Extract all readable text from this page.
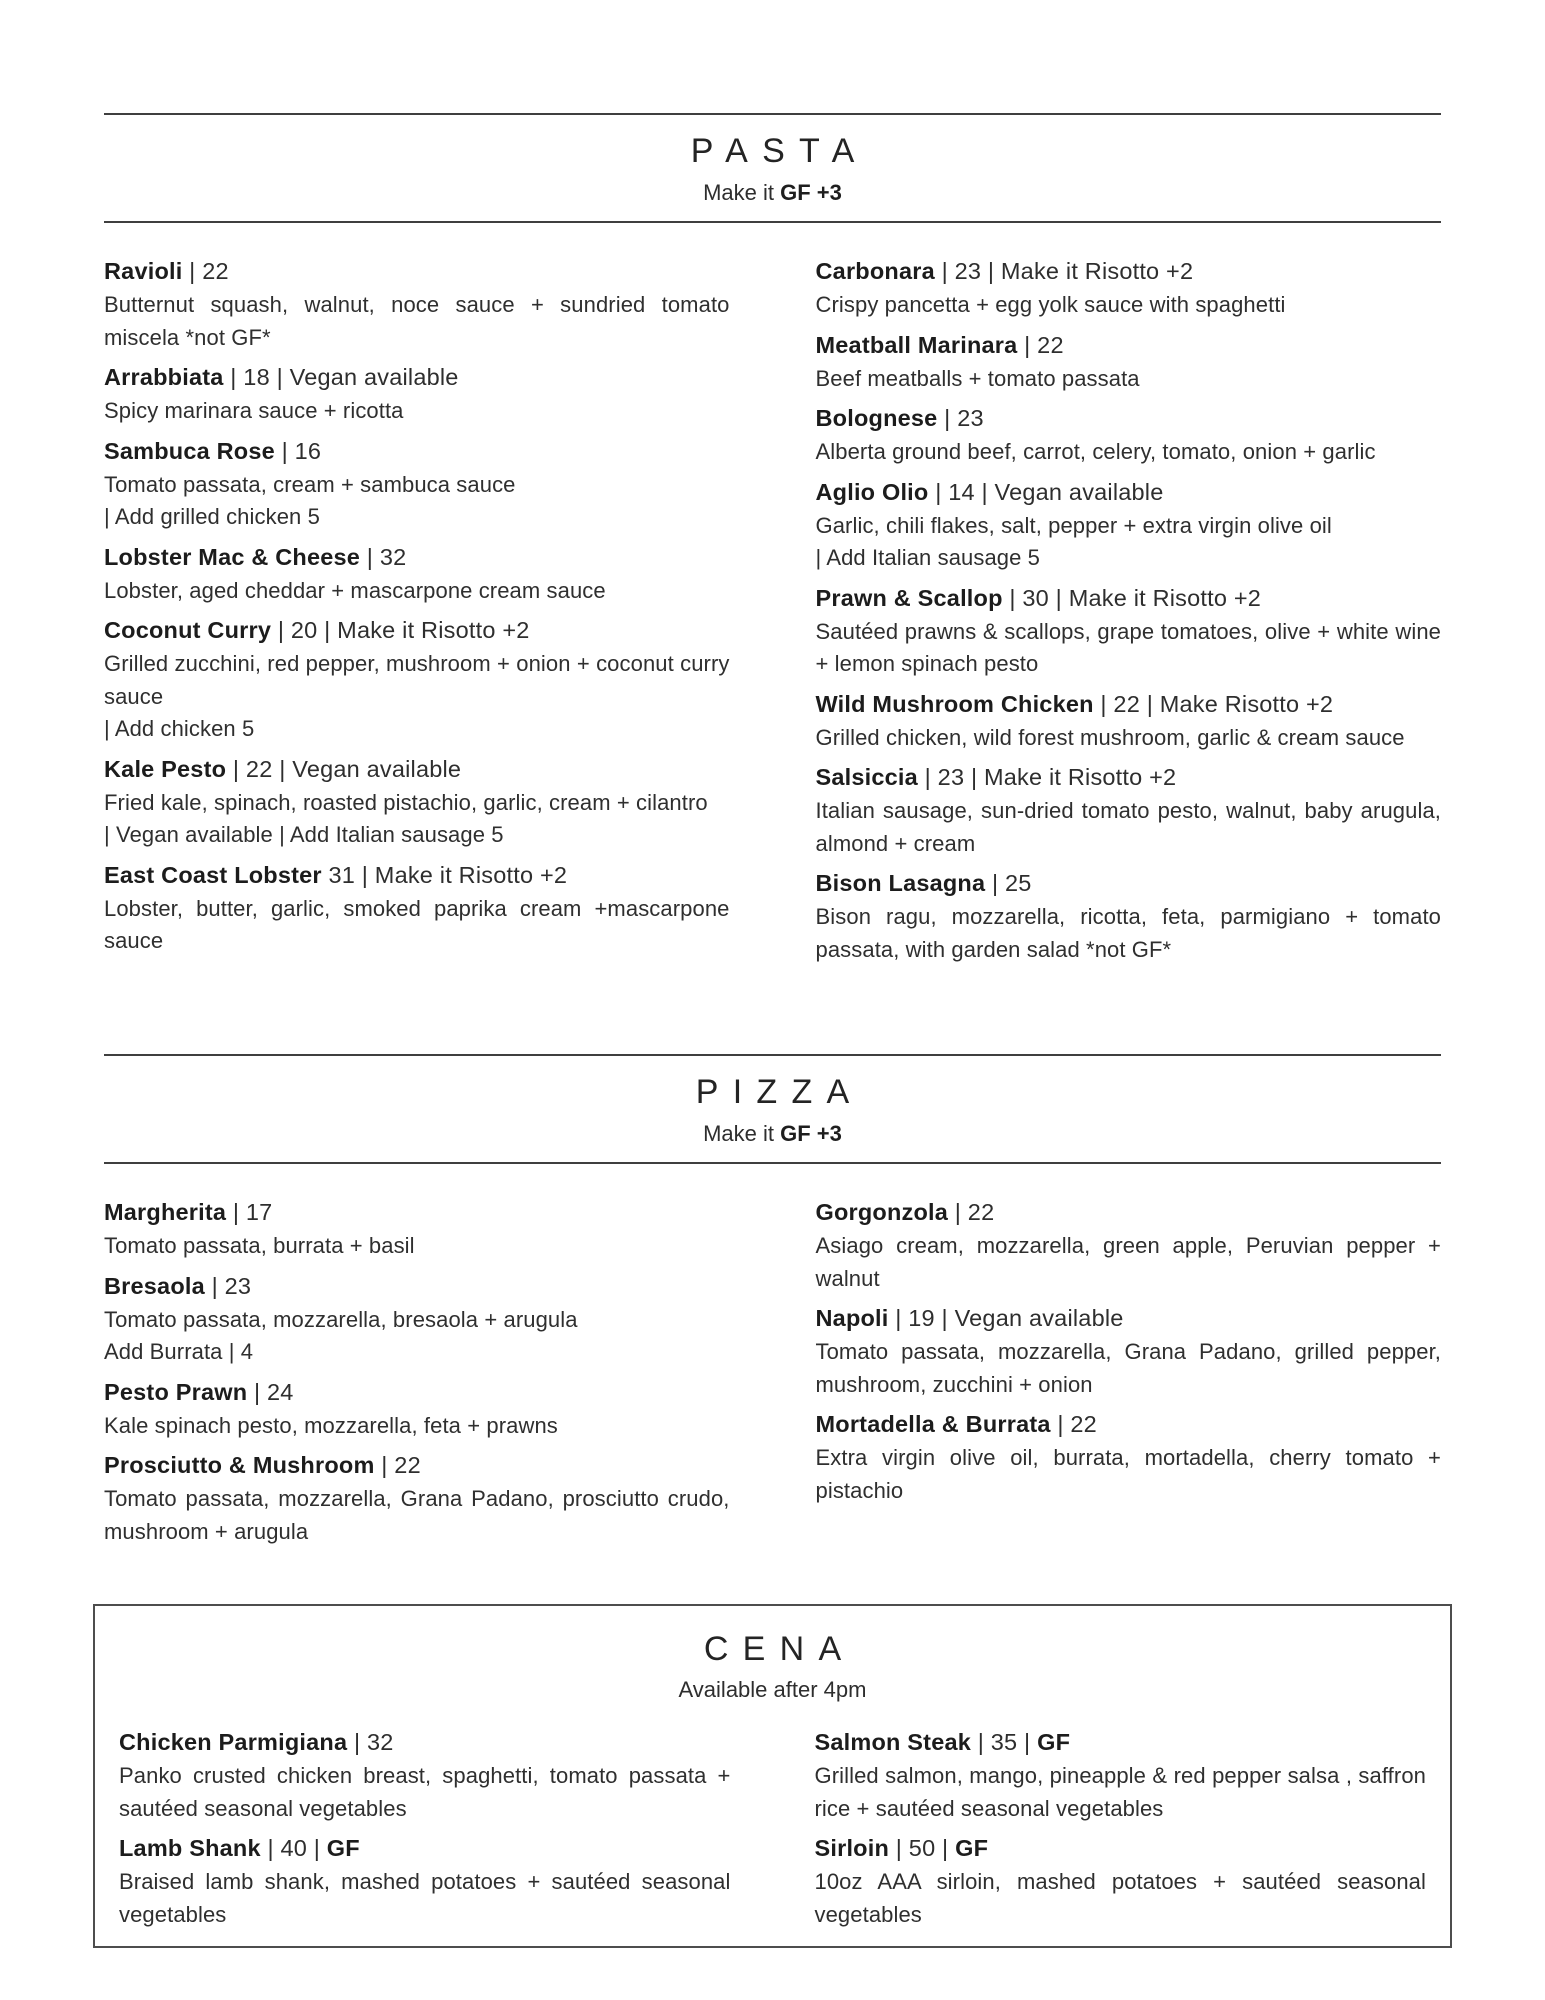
PASTA

Make it GF +3

Ravioli | 22
Butternut squash, walnut, noce sauce + sundried tomato miscela *not GF*
Arrabbiata | 18 | Vegan available
Spicy marinara sauce + ricotta
Sambuca Rose | 16
Tomato passata, cream + sambuca sauce
| Add grilled chicken 5
Lobster Mac & Cheese | 32
Lobster, aged cheddar + mascarpone cream sauce
Coconut Curry | 20 | Make it Risotto +2
Grilled zucchini, red pepper, mushroom + onion + coconut curry sauce
| Add chicken 5
Kale Pesto | 22 | Vegan available
Fried kale, spinach, roasted pistachio, garlic, cream + cilantro
| Vegan available | Add Italian sausage 5
East Coast Lobster 31 | Make it Risotto +2
Lobster, butter, garlic, smoked paprika cream +mascarpone sauce
Carbonara | 23 | Make it Risotto +2
Crispy pancetta + egg yolk sauce with spaghetti
Meatball Marinara | 22
Beef meatballs + tomato passata
Bolognese | 23
Alberta ground beef, carrot, celery, tomato, onion + garlic
Aglio Olio | 14 | Vegan available
Garlic, chili flakes, salt, pepper + extra virgin olive oil
| Add Italian sausage 5
Prawn & Scallop | 30 | Make it Risotto +2
Sautéed prawns & scallops, grape tomatoes, olive + white wine + lemon spinach pesto
Wild Mushroom Chicken | 22 | Make Risotto +2
Grilled chicken, wild forest mushroom, garlic & cream sauce
Salsiccia | 23 | Make it Risotto +2
Italian sausage, sun-dried tomato pesto, walnut, baby arugula, almond + cream
Bison Lasagna | 25
Bison ragu, mozzarella, ricotta, feta, parmigiano + tomato passata, with garden salad *not GF*
PIZZA

Make it GF +3

Margherita | 17
Tomato passata, burrata + basil
Bresaola | 23
Tomato passata, mozzarella, bresaola + arugula
Add Burrata | 4
Pesto Prawn | 24
Kale spinach pesto, mozzarella, feta + prawns
Prosciutto & Mushroom | 22
Tomato passata, mozzarella, Grana Padano, prosciutto crudo, mushroom + arugula
Gorgonzola | 22
Asiago cream, mozzarella, green apple, Peruvian pepper + walnut
Napoli | 19 | Vegan available
Tomato passata, mozzarella, Grana Padano, grilled pepper, mushroom, zucchini + onion
Mortadella & Burrata | 22
Extra virgin olive oil, burrata, mortadella, cherry tomato + pistachio
CENA

Available after 4pm

Chicken Parmigiana | 32
Panko crusted chicken breast, spaghetti, tomato passata + sautéed seasonal vegetables
Lamb Shank | 40 | GF
Braised lamb shank, mashed potatoes + sautéed seasonal vegetables
Salmon Steak | 35 | GF
Grilled salmon, mango, pineapple & red pepper salsa , saffron rice + sautéed seasonal vegetables
Sirloin | 50 | GF
10oz AAA sirloin, mashed potatoes + sautéed seasonal vegetables
